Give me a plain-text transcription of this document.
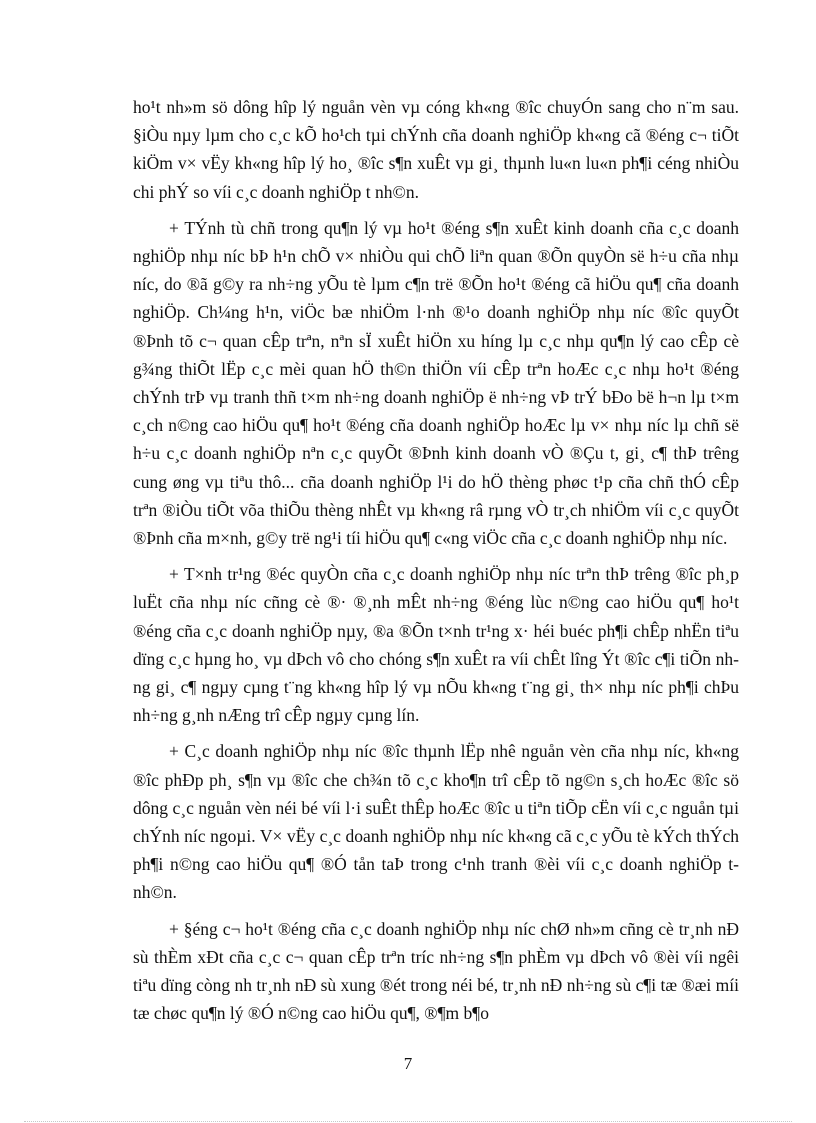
ho¹t nh»m sö dông hîp lý nguån vèn vµ cóng kh«ng ®îc chuyÓn sang cho n¨m sau. §iÒu nµy lµm cho c¸c kÕ ho¹ch tµi chÝnh cña doanh nghiÖp kh«ng cã ®éng c¬ tiÕt kiÖm v× vËy kh«ng hîp lý ho¸ ®îc s¶n xuÊt vµ gi¸ thµnh lu«n lu«n ph¶i céng nhiÒu chi phÝ so víi c¸c doanh nghiÖp t nh©n.

+ TÝnh tù chñ trong qu¶n lý vµ ho¹t ®éng s¶n xuÊt kinh doanh cña c¸c doanh nghiÖp nhµ níc bÞ h¹n chÕ v× nhiÒu qui chÕ liªn quan ®Õn quyÒn së h÷u cña nhµ níc, do ®ã g©y ra nh÷ng yÕu tè lµm c¶n trë ®Õn ho¹t ®éng cã hiÖu qu¶ cña doanh nghiÖp. Ch¼ng h¹n, viÖc bæ nhiÖm l·nh ®¹o doanh nghiÖp nhµ níc ®îc quyÕt ®Þnh tõ c¬ quan cÊp trªn, nªn sÏ xuÊt hiÖn xu híng lµ c¸c nhµ qu¶n lý cao cÊp cè g¾ng thiÕt lËp c¸c mèi quan hÖ th©n thiÖn víi cÊp trªn hoÆc c¸c nhµ ho¹t ®éng chÝnh trÞ vµ tranh thñ t×m nh÷ng doanh nghiÖp ë nh÷ng vÞ trÝ bÐo bë h¬n lµ t×m c¸ch n©ng cao hiÖu qu¶ ho¹t ®éng cña doanh nghiÖp hoÆc lµ v× nhµ níc lµ chñ së h÷u c¸c doanh nghiÖp nªn c¸c quyÕt ®Þnh kinh doanh vÒ ®Çu t, gi¸ c¶ thÞ trêng cung øng vµ tiªu thô... cña doanh nghiÖp l¹i do hÖ thèng phøc t¹p cña chñ thÓ cÊp trªn ®iÒu tiÕt võa thiÕu thèng nhÊt vµ kh«ng râ rµng vÒ tr¸ch nhiÖm víi c¸c quyÕt ®Þnh cña m×nh, g©y trë ng¹i tíi hiÖu qu¶ c«ng viÖc cña c¸c doanh nghiÖp nhµ níc.

+ T×nh tr¹ng ®éc quyÒn cña c¸c doanh nghiÖp nhµ níc trªn thÞ trêng ®îc ph¸p luËt cña nhµ níc cñng cè ®· ®¸nh mÊt nh÷ng ®éng lùc n©ng cao hiÖu qu¶ ho¹t ®éng cña c¸c doanh nghiÖp nµy, ®a ®Õn t×nh tr¹ng x· héi buéc ph¶i chÊp nhËn tiªu dïng c¸c hµng ho¸ vµ dÞch vô cho chóng s¶n xuÊt ra víi chÊt lîng Ýt ®îc c¶i tiÕn nhng gi¸ c¶ ngµy cµng t¨ng kh«ng hîp lý vµ nÕu kh«ng t¨ng gi¸ th× nhµ níc ph¶i chÞu nh÷ng g¸nh nÆng trî cÊp ngµy cµng lín.

+ C¸c doanh nghiÖp nhµ níc ®îc thµnh lËp nhê nguån vèn cña nhµ níc, kh«ng ®îc phÐp ph¸ s¶n vµ ®îc che ch¾n tõ c¸c kho¶n trî cÊp tõ ng©n s¸ch hoÆc ®îc sö dông c¸c nguån vèn néi bé víi l·i suÊt thÊp hoÆc ®îc u tiªn tiÕp cËn víi c¸c nguån tµi chÝnh níc ngoµi. V× vËy c¸c doanh nghiÖp nhµ níc kh«ng cã c¸c yÕu tè kÝch thÝch ph¶i n©ng cao hiÖu qu¶ ®Ó tån taÞ trong c¹nh tranh ®èi víi c¸c doanh nghiÖp t nh©n.

+ §éng c¬ ho¹t ®éng cña c¸c doanh nghiÖp nhµ níc chØ nh»m cñng cè tr¸nh nÐ sù thÈm xÐt cña c¸c c¬ quan cÊp trªn tríc nh÷ng s¶n phÈm vµ dÞch vô ®èi víi ngêi tiªu dïng còng nh tr¸nh nÐ sù xung ®ét trong néi bé, tr¸nh nÐ nh÷ng sù c¶i tæ ®æi míi tæ chøc qu¶n lý ®Ó n©ng cao hiÖu qu¶, ®¶m b¶o

7
